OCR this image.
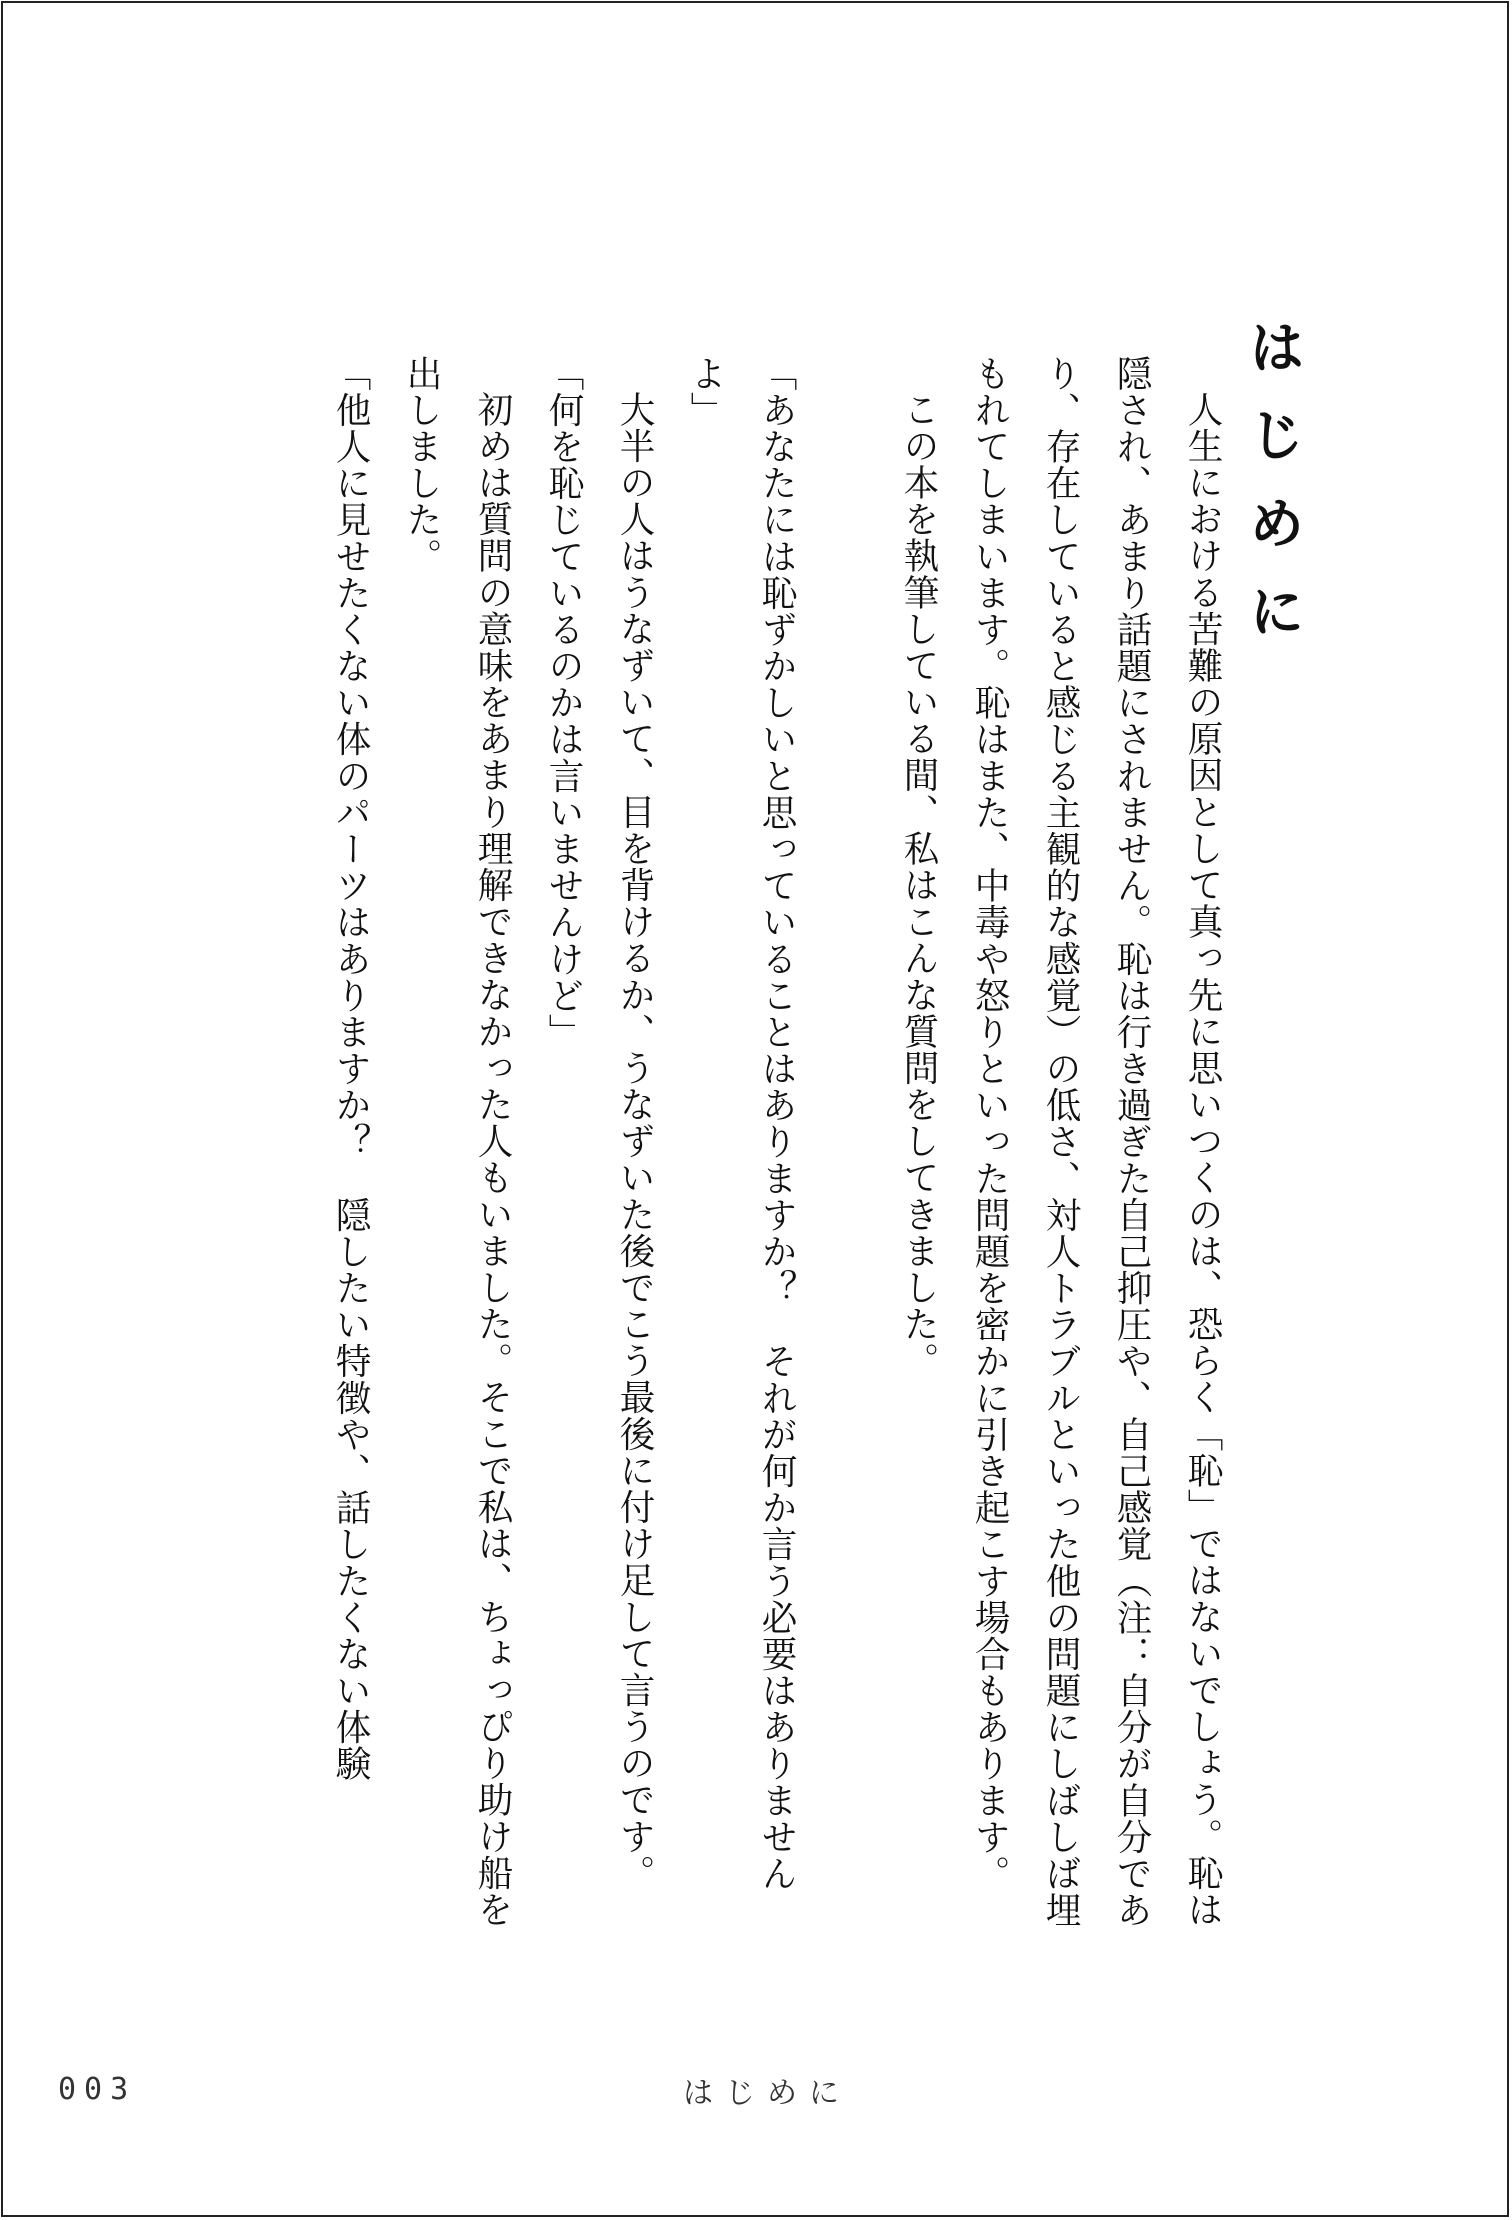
はじめに

人生における苦難の原因として真っ先に思いつくのは、恐らく「恥」ではないでしょう。恥は隠され、あまり話題にされません。恥は行き過ぎた自己抑圧や、自己感覚（注：自分が自分であり、存在していると感じる主観的な感覚）の低さ、対人トラブルといった他の問題にしばしば埋もれてしまいます。恥はまた、中毒や怒りといった問題を密かに引き起こす場合もあります。

この本を執筆している間、私はこんな質問をしてきました。

「あなたには恥ずかしいと思っていることはありますか？　それが何か言う必要はありませんよ」

大半の人はうなずいて、目を背けるか、うなずいた後でこう最後に付け足して言うのです。

「何を恥じているのかは言いませんけど」

初めは質問の意味をあまり理解できなかった人もいました。そこで私は、ちょっぴり助け船を出しました。

「他人に見せたくない体のパーツはありますか？　隠したい特徴や、話したくない体験

003	はじめに
